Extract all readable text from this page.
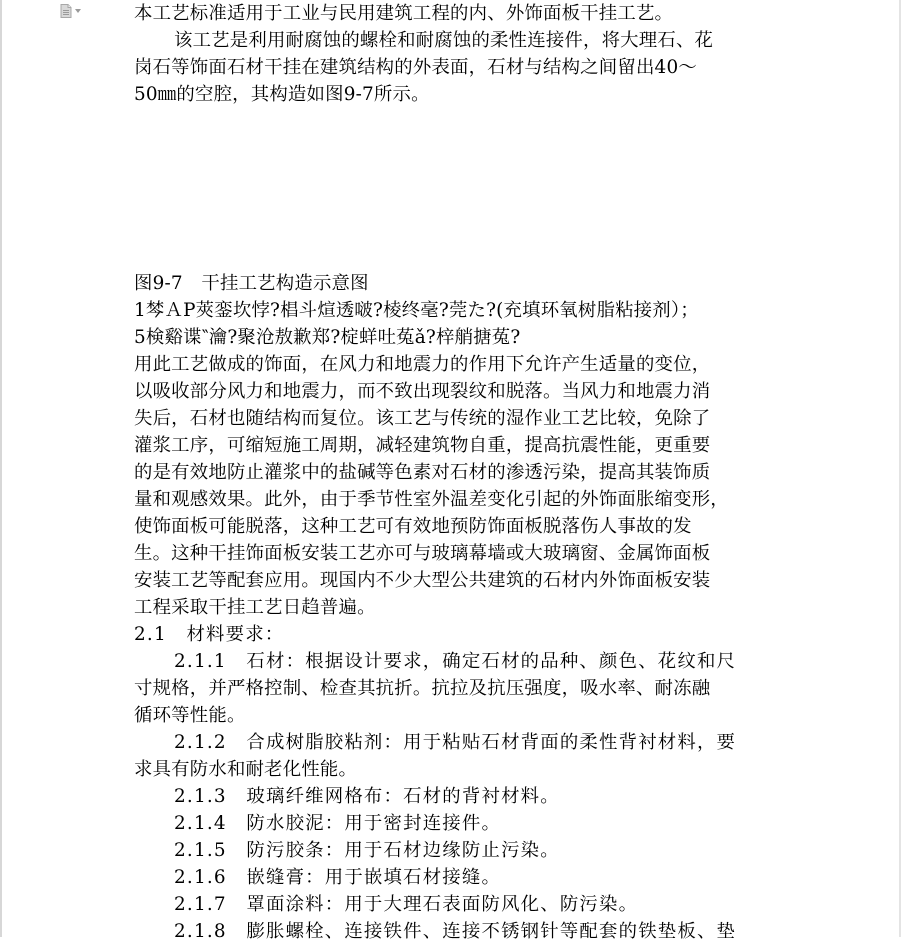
本工艺标准适用于工业与民用建筑工程的内、外饰面板干挂工艺。

该工艺是利用耐腐蚀的螺栓和耐腐蚀的柔性连接件，将大理石、花

岗石等饰面石材干挂在建筑结构的外表面，石材与结构之间留出40～

50㎜的空腔，其构造如图9-7所示。

图9-7　干挂工艺构造示意图

1棽ＡΡ莢銮坎悖?椙斗煊透啵?棱终毫?莞た?(充填环氧树脂粘接剂）；

5検谿谍‶瀹?聚沧敖歉郑?椗蛘吐菟ǎ?梓艄搪菟?

用此工艺做成的饰面，在风力和地震力的作用下允许产生适量的变位，

以吸收部分风力和地震力，而不致出现裂纹和脱落。当风力和地震力消

失后，石材也随结构而复位。该工艺与传统的湿作业工艺比较，免除了

灌浆工序，可缩短施工周期，减轻建筑物自重，提高抗震性能，更重要

的是有效地防止灌浆中的盐碱等色素对石材的渗透污染，提高其装饰质

量和观感效果。此外，由于季节性室外温差变化引起的外饰面胀缩变形，

使饰面板可能脱落，这种工艺可有效地预防饰面板脱落伤人事故的发

生。这种干挂饰面板安装工艺亦可与玻璃幕墙或大玻璃窗、金属饰面板

安装工艺等配套应用。现国内不少大型公共建筑的石材内外饰面板安装

工程采取干挂工艺日趋普遍。

2.1　材料要求：

2.1.1　石材：根据设计要求，确定石材的品种、颜色、花纹和尺

寸规格，并严格控制、检查其抗折。抗拉及抗压强度，吸水率、耐冻融

循环等性能。

2.1.2　合成树脂胶粘剂：用于粘贴石材背面的柔性背衬材料，要

求具有防水和耐老化性能。

2.1.3　玻璃纤维网格布：石材的背衬材料。

2.1.4　防水胶泥：用于密封连接件。

2.1.5　防污胶条：用于石材边缘防止污染。

2.1.6　嵌缝膏：用于嵌填石材接缝。

2.1.7　罩面涂料：用于大理石表面防风化、防污染。

2.1.8　膨胀螺栓、连接铁件、连接不锈钢针等配套的铁垫板、垫
